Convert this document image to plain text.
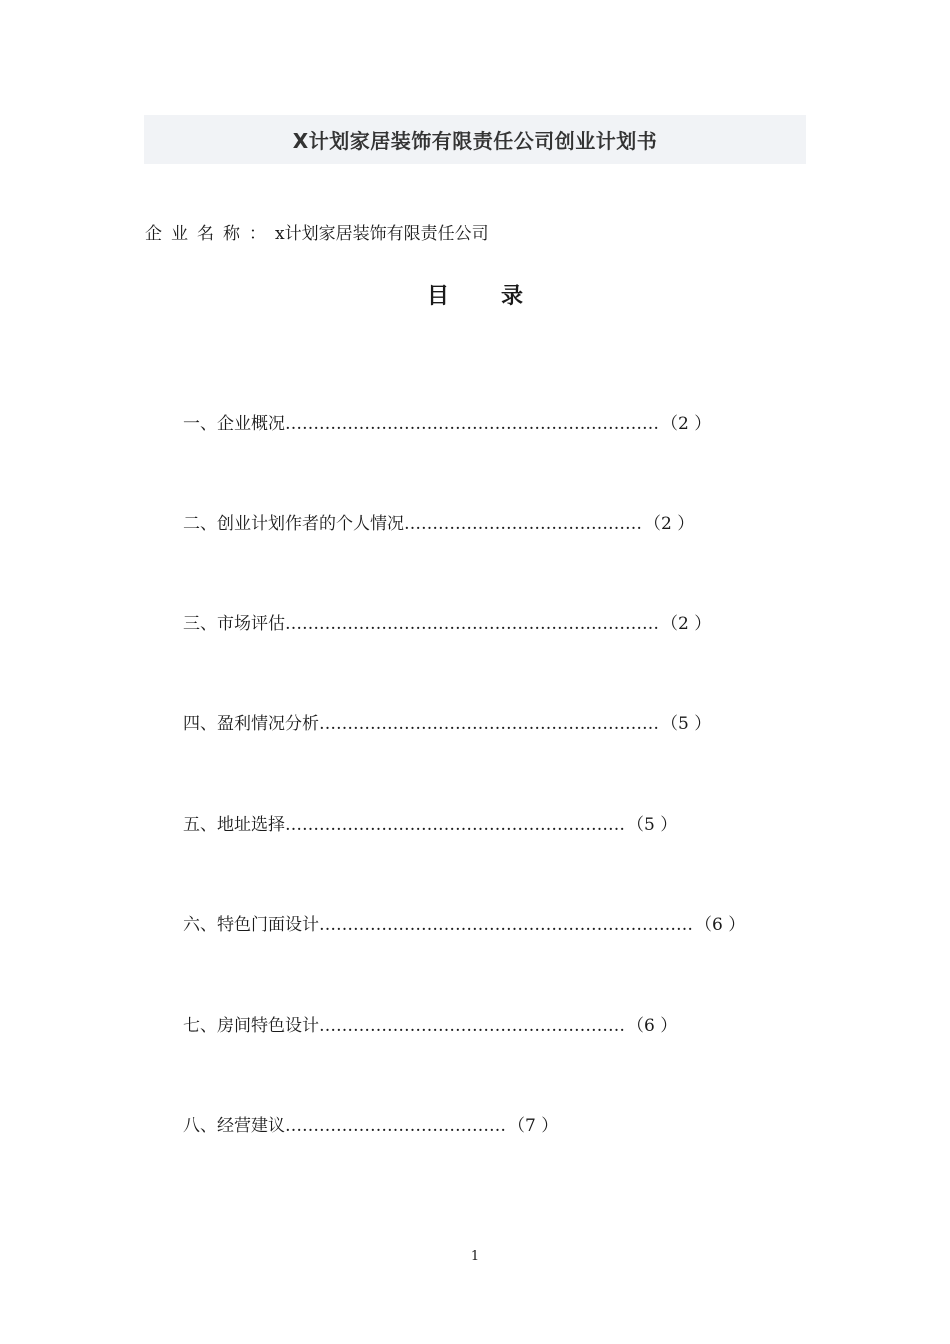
X计划家居装饰有限责任公司创业计划书
企业名称：x计划家居装饰有限责任公司
目 录
一、企业概况 ………………………………………………………… （2 ）
二、创业计划作者的个人情况 …………………………………… （2 ）
三、市场评估 ………………………………………………………… （2 ）
四、盈利情况分析 …………………………………………………… （5 ）
五、地址选择 …………………………………………………… （5 ）
六、特色门面设计 ………………………………………………………… （6 ）
七、房间特色设计 ……………………………………………… （6 ）
八、经营建议 ………………………………… （7 ）
1
